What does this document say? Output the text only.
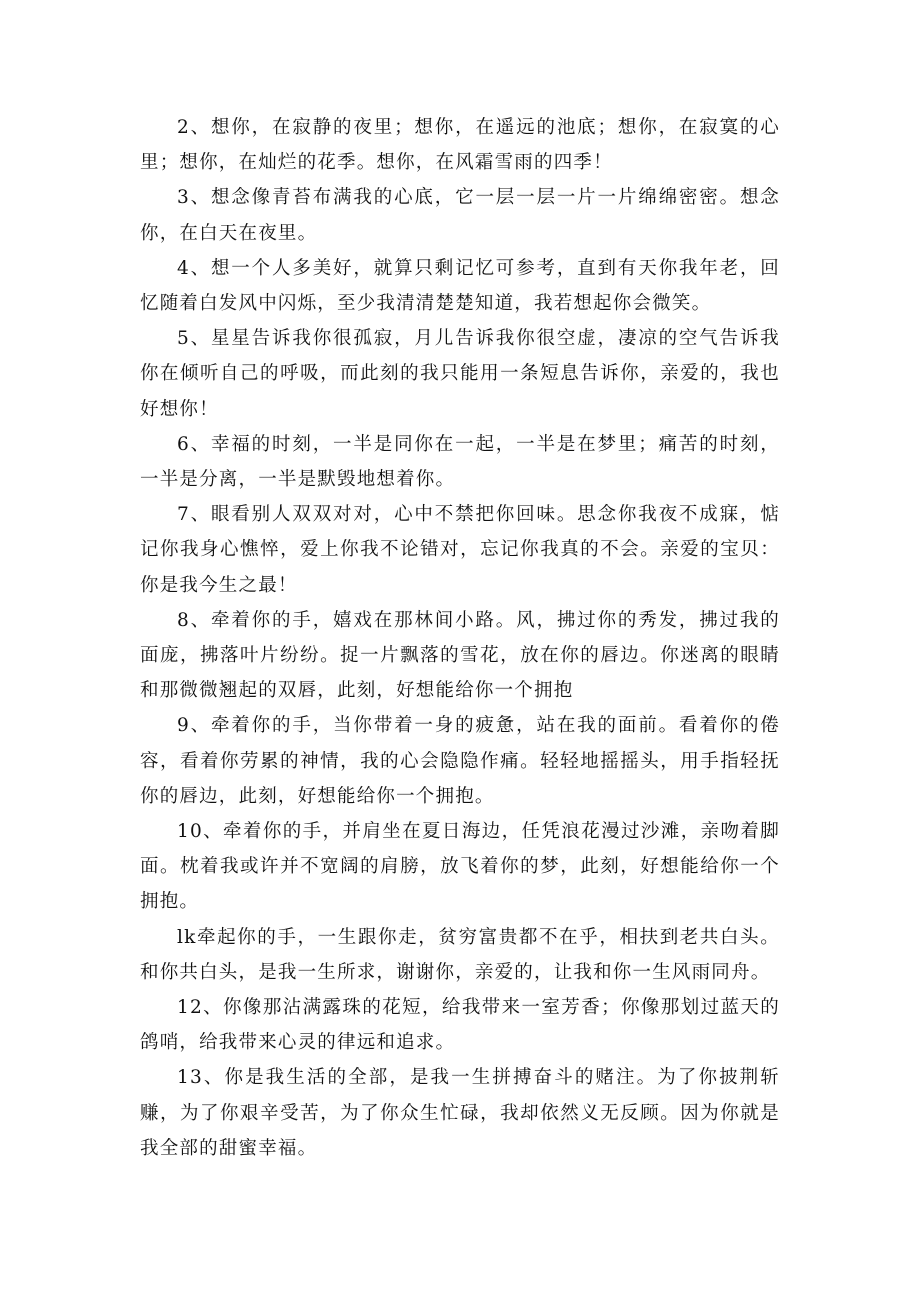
2、想你，在寂静的夜里；想你，在遥远的池底；想你，在寂寞的心里；想你，在灿烂的花季。想你，在风霜雪雨的四季！

3、想念像青苔布满我的心底，它一层一层一片一片绵绵密密。想念你，在白天在夜里。

4、想一个人多美好，就算只剩记忆可参考，直到有天你我年老，回忆随着白发风中闪烁，至少我清清楚楚知道，我若想起你会微笑。

5、星星告诉我你很孤寂，月儿告诉我你很空虚，凄凉的空气告诉我你在倾听自己的呼吸，而此刻的我只能用一条短息告诉你，亲爱的，我也好想你！

6、幸福的时刻，一半是同你在一起，一半是在梦里；痛苦的时刻，一半是分离，一半是默毁地想着你。

7、眼看别人双双对对，心中不禁把你回味。思念你我夜不成寐，惦记你我身心憔悴，爱上你我不论错对，忘记你我真的不会。亲爱的宝贝：你是我今生之最！

8、牵着你的手，嬉戏在那林间小路。风，拂过你的秀发，拂过我的面庞，拂落叶片纷纷。捉一片飘落的雪花，放在你的唇边。你迷离的眼睛和那微微翘起的双唇，此刻，好想能给你一个拥抱

9、牵着你的手，当你带着一身的疲惫，站在我的面前。看着你的倦容，看着你劳累的神情，我的心会隐隐作痛。轻轻地摇摇头，用手指轻抚你的唇边，此刻，好想能给你一个拥抱。

10、牵着你的手，并肩坐在夏日海边，任凭浪花漫过沙滩，亲吻着脚面。枕着我或许并不宽阔的肩膀，放飞着你的梦，此刻，好想能给你一个拥抱。

lk牵起你的手，一生跟你走，贫穷富贵都不在乎，相扶到老共白头。和你共白头，是我一生所求，谢谢你，亲爱的，让我和你一生风雨同舟。

12、你像那沾满露珠的花短，给我带来一室芳香；你像那划过蓝天的鸽哨，给我带来心灵的律远和追求。

13、你是我生活的全部，是我一生拼搏奋斗的赌注。为了你披荆斩赚，为了你艰辛受苦，为了你众生忙碌，我却依然义无反顾。因为你就是我全部的甜蜜幸福。
